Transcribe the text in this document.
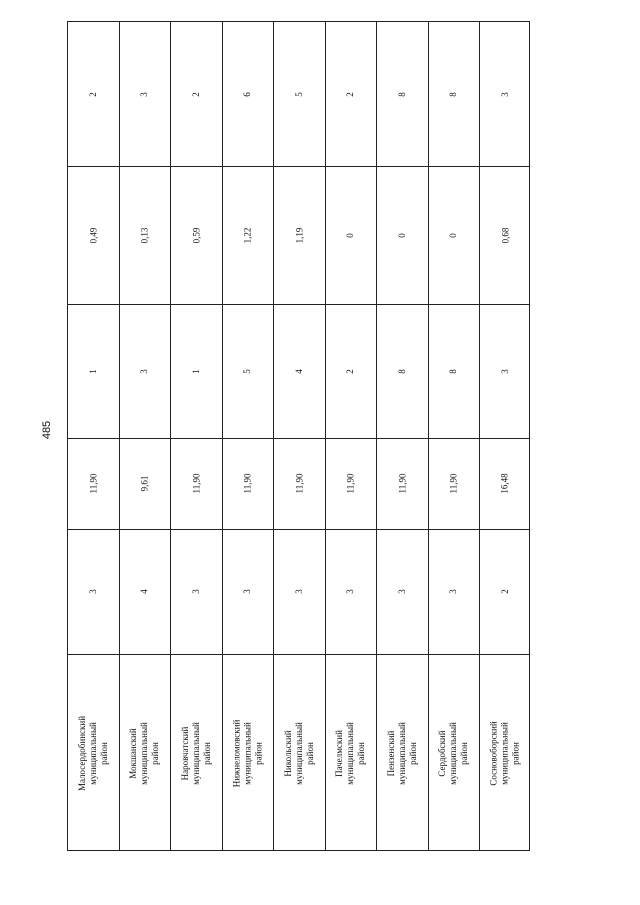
485
2
0,49
1
11,90
3
Малосердобинский муниципальный район
3
0,13
3
9,61
4
Мокшанский муниципальный район
2
0,59
1
11,90
3
Наровчатский муниципальный район
6
1,22
5
11,90
3
Нижнеломовский муниципальный район
5
1,19
4
11,90
3
Никольский муниципальный район
2
0
2
11,90
3
Пачелмский муниципальный район
8
0
8
11,90
3
Пензенский муниципальный район
8
0
8
11,90
3
Сердобский муниципальный район
3
0,68
3
16,48
2
Сосновоборский муниципальный район
